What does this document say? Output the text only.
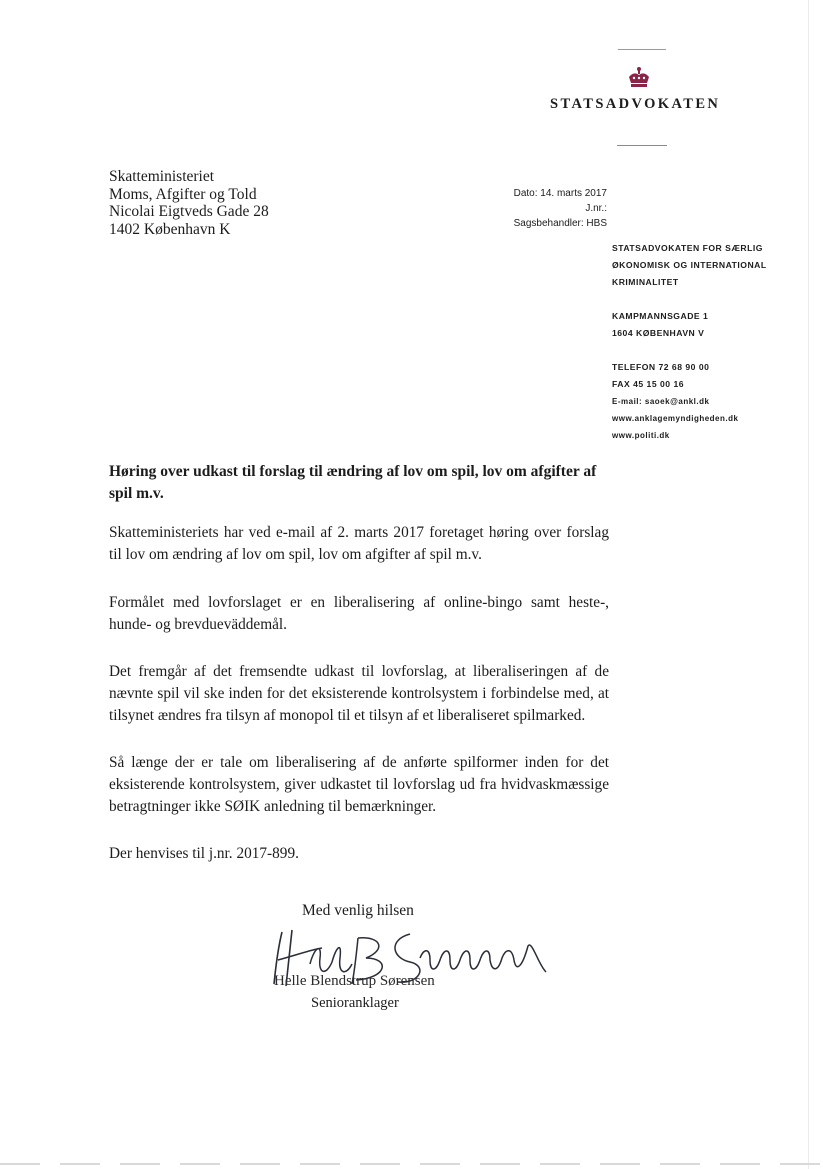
STATSADVOKATEN
Skatteministeriet
Moms, Afgifter og Told
Nicolai Eigtveds Gade 28
1402 København K
Dato: 14. marts 2017
J.nr.:
Sagsbehandler: HBS
STATSADVOKATEN FOR SÆRLIG
ØKONOMISK OG INTERNATIONAL
KRIMINALITET
KAMPMANNSGADE 1
1604 KØBENHAVN V
TELEFON 72 68 90 00
FAX 45 15 00 16
E-mail: saoek@ankl.dk
www.anklagemyndigheden.dk
www.politi.dk
Høring over udkast til forslag til ændring af lov om spil, lov om afgifter af spil m.v.
Skatteministeriets har ved e-mail af 2. marts 2017 foretaget høring over forslag til lov om ændring af lov om spil, lov om afgifter af spil m.v.
Formålet med lovforslaget er en liberalisering af online-bingo samt heste-, hunde- og brevdueväddemål.
Det fremgår af det fremsendte udkast til lovforslag, at liberaliseringen af de nævnte spil vil ske inden for det eksisterende kontrolsystem i forbindelse med, at tilsynet ændres fra tilsyn af monopol til et tilsyn af et liberaliseret spilmarked.
Så længe der er tale om liberalisering af de anførte spilformer inden for det eksisterende kontrolsystem, giver udkastet til lovforslag ud fra hvidvaskmæssige betragtninger ikke SØIK anledning til bemærkninger.
Der henvises til j.nr. 2017-899.
Med venlig hilsen
Helle Blendstrup Sørensen
Senioranklager
